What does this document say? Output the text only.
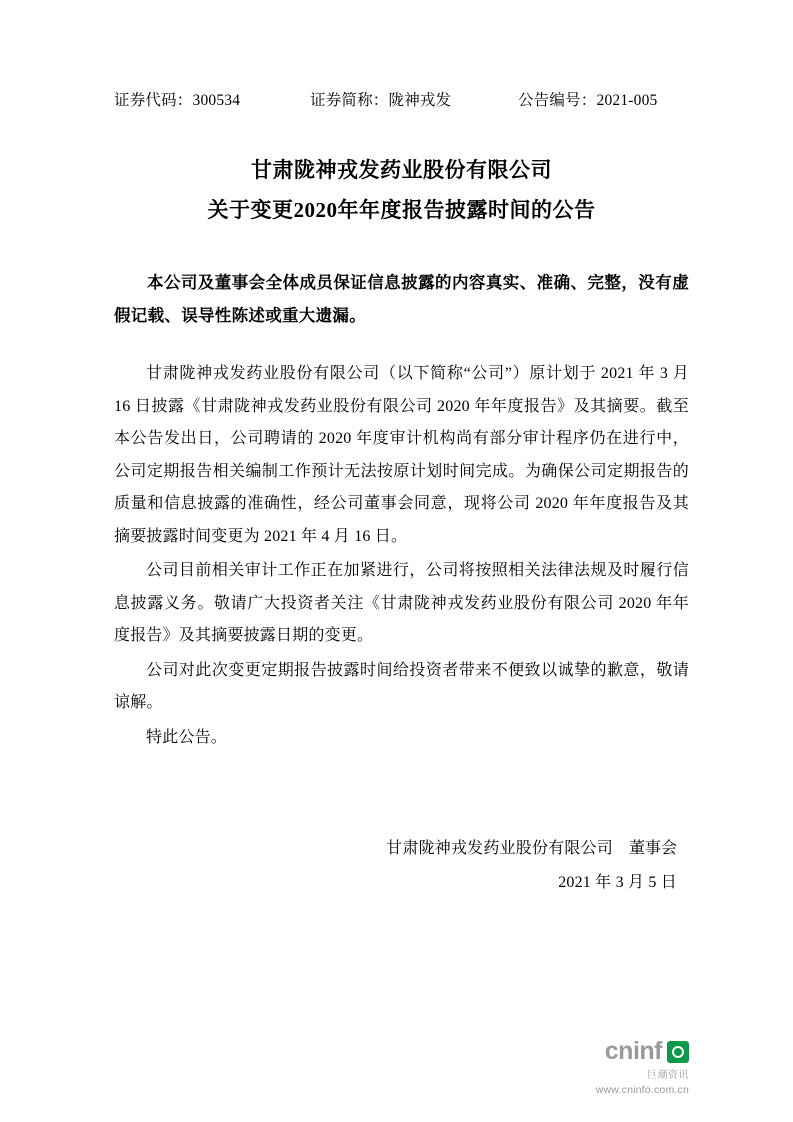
证券代码：300534	证券简称：陇神戎发	公告编号：2021-005
甘肃陇神戎发药业股份有限公司
关于变更2020年年度报告披露时间的公告
本公司及董事会全体成员保证信息披露的内容真实、准确、完整，没有虚假记载、误导性陈述或重大遗漏。

甘肃陇神戎发药业股份有限公司（以下简称“公司”）原计划于 2021 年 3 月 16 日披露《甘肃陇神戎发药业股份有限公司 2020 年年度报告》及其摘要。截至本公告发出日，公司聘请的 2020 年度审计机构尚有部分审计程序仍在进行中，公司定期报告相关编制工作预计无法按原计划时间完成。为确保公司定期报告的质量和信息披露的准确性，经公司董事会同意，现将公司 2020 年年度报告及其摘要披露时间变更为 2021 年 4 月 16 日。

公司目前相关审计工作正在加紧进行，公司将按照相关法律法规及时履行信息披露义务。敬请广大投资者关注《甘肃陇神戎发药业股份有限公司 2020 年年度报告》及其摘要披露日期的变更。

公司对此次变更定期报告披露时间给投资者带来不便致以诚挚的歉意，敬请谅解。

特此公告。

甘肃陇神戎发药业股份有限公司 董事会
2021 年 3 月 5 日
cninf
巨潮资讯
www.cninfo.com.cn
